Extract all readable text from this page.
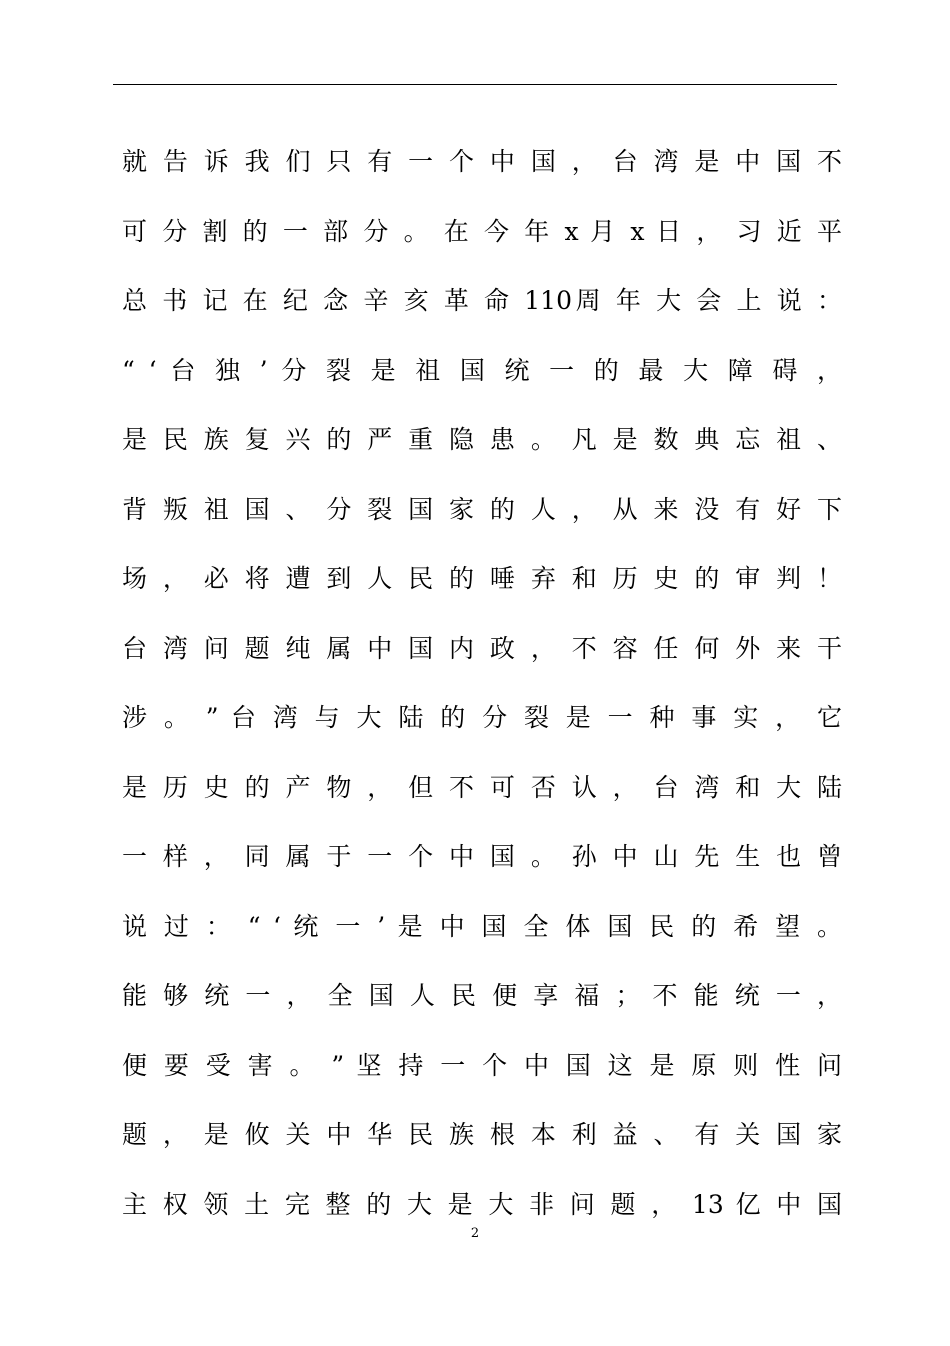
就 告 诉 我 们 只 有 一 个 中 国 ， 台 湾 是 中 国 不
可 分 割 的 一 部 分 。 在 今 年 x 月 x 日 ， 习 近 平
总 书 记 在 纪 念 辛 亥 革 命 110周 年 大 会 上 说 ：
“ ‘ 台 独 ’ 分 裂 是 祖 国 统 一 的 最 大 障 碍 ，
是 民 族 复 兴 的 严 重 隐 患 。 凡 是 数 典 忘 祖 、
背 叛 祖 国 、 分 裂 国 家 的 人 ， 从 来 没 有 好 下
场 ， 必 将 遭 到 人 民 的 唾 弃 和 历 史 的 审 判 ！
台 湾 问 题 纯 属 中 国 内 政 ， 不 容 任 何 外 来 干
涉 。 ” 台 湾 与 大 陆 的 分 裂 是 一 种 事 实 ， 它
是 历 史 的 产 物 ， 但 不 可 否 认 ， 台 湾 和 大 陆
一 样 ， 同 属 于 一 个 中 国 。 孙 中 山 先 生 也 曾
说 过 ： “ ‘ 统 一 ’ 是 中 国 全 体 国 民 的 希 望 。
能 够 统 一 ， 全 国 人 民 便 享 福 ； 不 能 统 一 ，
便 要 受 害 。 ” 坚 持 一 个 中 国 这 是 原 则 性 问
题 ， 是 攸 关 中 华 民 族 根 本 利 益 、 有 关 国 家
主 权 领 土 完 整 的 大 是 大 非 问 题 ， 13 亿 中 国
2
